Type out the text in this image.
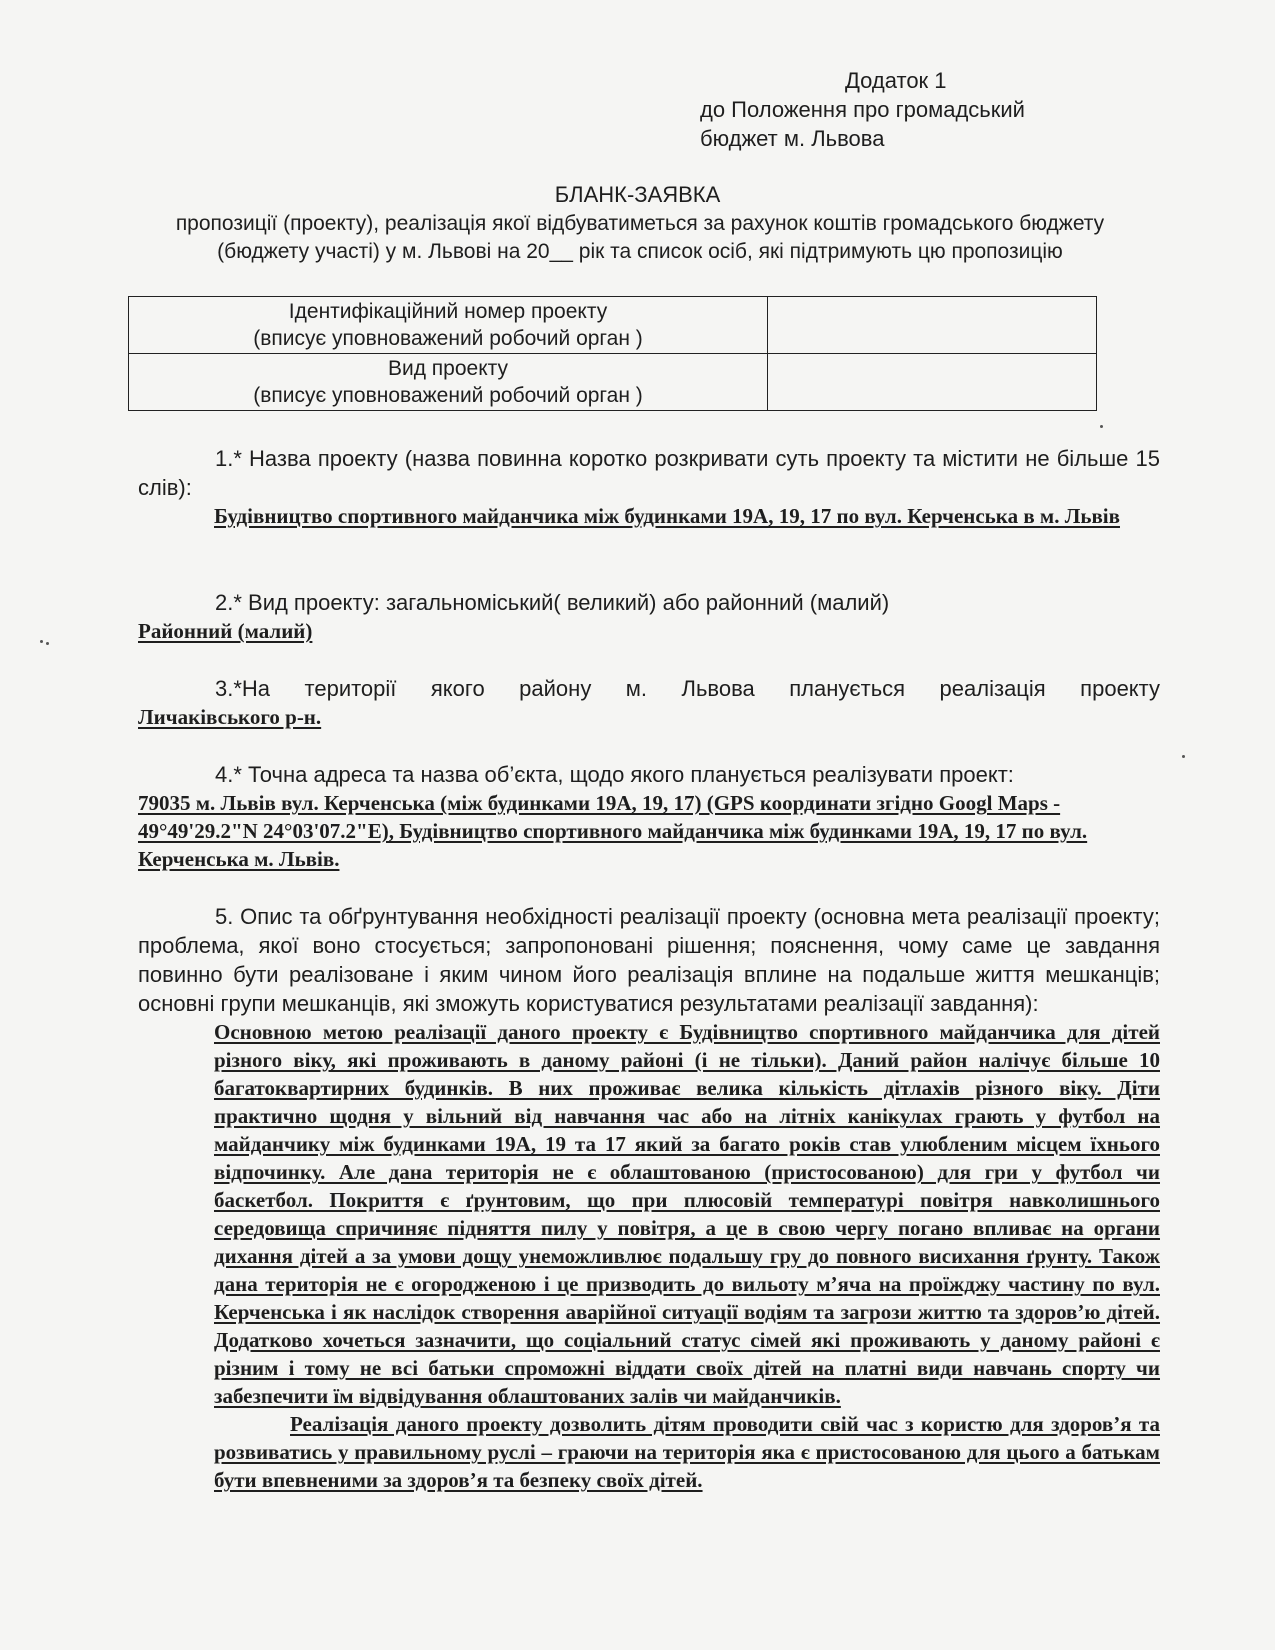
Додаток 1
до Положення про громадський
бюджет м. Львова
БЛАНК-ЗАЯВКА
пропозиції (проекту), реалізація якої відбуватиметься за рахунок коштів громадського бюджету (бюджету участі) у м. Львові на 20__ рік та список осіб, які підтримують цю пропозицію
Ідентифікаційний номер проекту
(вписує уповноважений робочий орган )	

Вид проекту
(вписує уповноважений робочий орган )	

1.* Назва проекту (назва повинна коротко розкривати суть проекту та містити не більше 15 слів):

Будівництво спортивного майданчика між будинками 19А, 19, 17 по вул. Керченська в м. Львів

2.* Вид проекту: загальноміський( великий) або районний (малий)

Районний (малий)

3.*На території якого району м. Львова планується реалізація проекту

Личаківського р-н.

4.* Точна адреса та назва об’єкта, щодо якого планується реалізувати проект:

79035 м. Львів вул. Керченська (між будинками 19А, 19, 17) (GPS координати згідно Googl Maps - 49°49'29.2"N 24°03'07.2"E), Будівництво спортивного майданчика між будинками 19А, 19, 17 по вул. Керченська м. Львів.

5. Опис та обґрунтування необхідності реалізації проекту (основна мета реалізації проекту; проблема, якої воно стосується; запропоновані рішення; пояснення, чому саме це завдання повинно бути реалізоване і яким чином його реалізація вплине на подальше життя мешканців; основні групи мешканців, які зможуть користуватися результатами реалізації завдання):

Основною метою реалізації даного проекту є Будівництво спортивного майданчика для дітей різного віку, які проживають в даному районі (і не тільки). Даний район налічує більше 10 багатоквартирних будинків. В них проживає велика кількість дітлахів різного віку. Діти практично щодня у вільний від навчання час або на літніх канікулах грають у футбол на майданчику між будинками 19А, 19 та 17 який за багато років став улюбленим місцем їхнього відпочинку. Але дана територія не є облаштованою (пристосованою) для гри у футбол чи баскетбол. Покриття є ґрунтовим, що при плюсовій температурі повітря навколишнього середовища спричиняє підняття пилу у повітря, а це в свою чергу погано впливає на органи дихання дітей а за умови дощу унеможливлює подальшу гру до повного висихання ґрунту. Також дана територія не є огородженою і це призводить до вильоту м’яча на проїжджу частину по вул. Керченська і як наслідок створення аварійної ситуації водіям та загрози життю та здоров’ю дітей. Додатково хочеться зазначити, що соціальний статус сімей які проживають у даному районі є різним і тому не всі батьки спроможні віддати своїх дітей на платні види навчань спорту чи забезпечити їм відвідування облаштованих залів чи майданчиків.

Реалізація даного проекту дозволить дітям проводити свій час з користю для здоров’я та розвиватись у правильному руслі – граючи на територія яка є пристосованою для цього а батькам бути впевненими за здоров’я та безпеку своїх дітей.
